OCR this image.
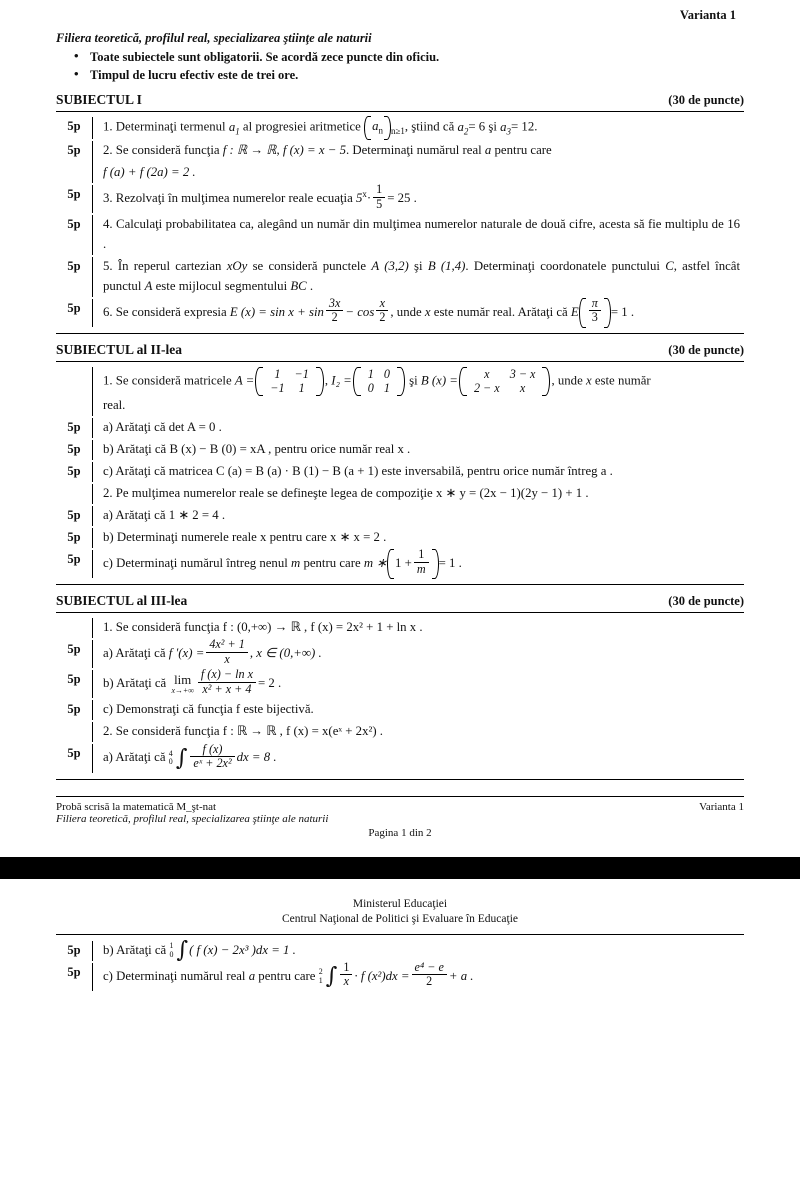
Varianta 1
Filiera teoretică, profilul real, specializarea ştiinţe ale naturii
• Toate subiectele sunt obligatorii. Se acordă zece puncte din oficiu.
• Timpul de lucru efectiv este de trei ore.
SUBIECTUL I	(30 de puncte)
5p	1. Determinaţi termenul $a_1$ al progresiei aritmetice $a_n$ $_{n\ge 1}$, ştiind că $a_2= 6$ şi $a_3= 12$.
5p	2. Se consideră funcţia f : ℝ → ℝ, f (x) = x − 5. Determinaţi numărul real a pentru care
f (a) + f (2a) = 2 .
5p	3. Rezolvaţi în mulţimea numerelor reale ecuaţia $5^x\cdot \frac{1}{5} = 25$ .
5p	4. Calculaţi probabilitatea ca, alegând un număr din mulţimea numerelor naturale de două cifre, acesta să fie multiplu de 16 .
5p	5. În reperul cartezian xOy se consideră punctele A (3,2) şi B (1,4). Determinaţi coordonatele punctului C, astfel încât punctul A este mijlocul segmentului BC .
5p	6. Se consideră expresia E $(x) = \sin x + \sin \frac{3x}{2} - \cos \frac{x}{2}$ , unde x este număr real. Arătaţi că E $\frac{\pi}{3} = 1$ .
SUBIECTUL al II-lea	(30 de puncte)
1. Se consideră matricele A = 1	−1
−1	1, I₂ = 1	0
0	1 şi B (x) = x	3 − x
2 − x	x, unde x este număr
real.
5p	a) Arătaţi că det A = 0 .
5p	b) Arătaţi că B (x) − B (0) = xA , pentru orice număr real x .
5p	c) Arătaţi că matricea C (a) = B (a) · B (1) − B (a + 1) este inversabilă, pentru orice număr întreg a .
2. Pe mulţimea numerelor reale se defineşte legea de compoziţie x ∗ y = (2x − 1)(2y − 1) + 1 .
5p	a) Arătaţi că 1 ∗ 2 = 4 .
5p	b) Determinaţi numerele reale x pentru care x ∗ x = 2 .
5p	c) Determinaţi numărul întreg nenul m pentru care m ∗ $1 + \frac{1}{m} = 1$ .
SUBIECTUL al III-lea	(30 de puncte)
1. Se consideră funcţia f : (0,+∞) → ℝ , f (x) = 2x² + 1 + ln x .
5p	a) Arătaţi că f $'(x) = \frac{\text{4x² + 1}}{x}$ , x ∈ (0,+∞) .
5p	b) Arătaţi că lim
$x\to+\infty \frac{\text{f (x) − ln x}}{\text{x² + x + 4}} = 2$ .
5p	c) Demonstraţi că funcţia f este bijectivă.
2. Se consideră funcţia f : ℝ → ℝ , f (x) = x(eˣ + 2x²) .
5p	a) Arătaţi că 4
0 ∫ $\frac{f (x)}{\text{eˣ + 2x²}}$ dx = 8 .
Probă scrisă la matematică M_şt-nat	Varianta 1
Filiera teoretică, profilul real, specializarea ştiinţe ale naturii
Pagina 1 din 2
Ministerul Educaţiei
Centrul Naţional de Politici şi Evaluare în Educaţie
5p	b) Arătaţi că 1
0 ∫( f (x) − 2x³ )dx = 1 .
5p	c) Determinaţi numărul real a pentru care 2
1 ∫ $\frac{1}{x} \cdot f$ $(x^2)dx = \frac{\text{e⁴ − e}}{2} + a$ .
